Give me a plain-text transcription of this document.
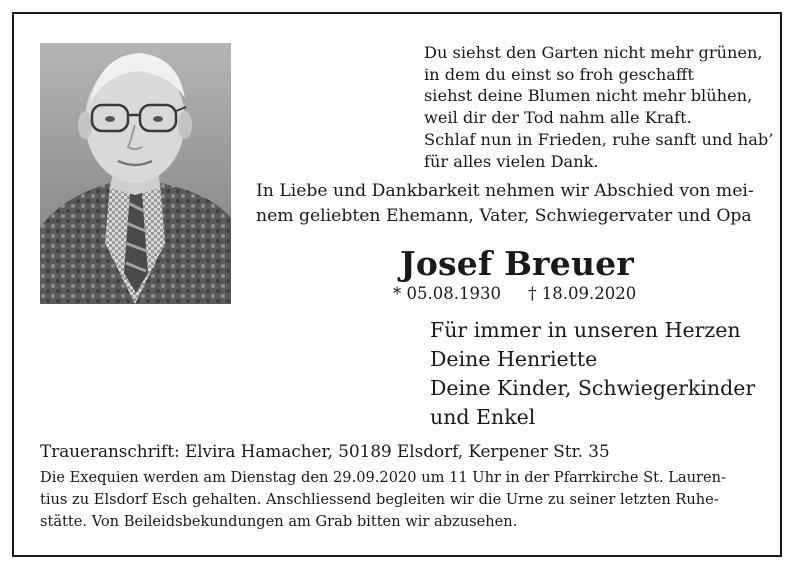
Du siehst den Garten nicht mehr grünen,
in dem du einst so froh geschafft
siehst deine Blumen nicht mehr blühen,
weil dir der Tod nahm alle Kraft.
Schlaf nun in Frieden, ruhe sanft und hab’
für alles vielen Dank.
In Liebe und Dankbarkeit nehmen wir Abschied von mei-
nem geliebten Ehemann, Vater, Schwiegervater und Opa
Josef Breuer
* 05.08.1930 † 18.09.2020
Für immer in unseren Herzen
Deine Henriette
Deine Kinder, Schwiegerkinder
und Enkel
Traueranschrift: Elvira Hamacher, 50189 Elsdorf, Kerpener Str. 35
Die Exequien werden am Dienstag den 29.09.2020 um 11 Uhr in der Pfarrkirche St. Lauren-
tius zu Elsdorf Esch gehalten. Anschliessend begleiten wir die Urne zu seiner letzten Ruhe-
stätte. Von Beileidsbekundungen am Grab bitten wir abzusehen.
